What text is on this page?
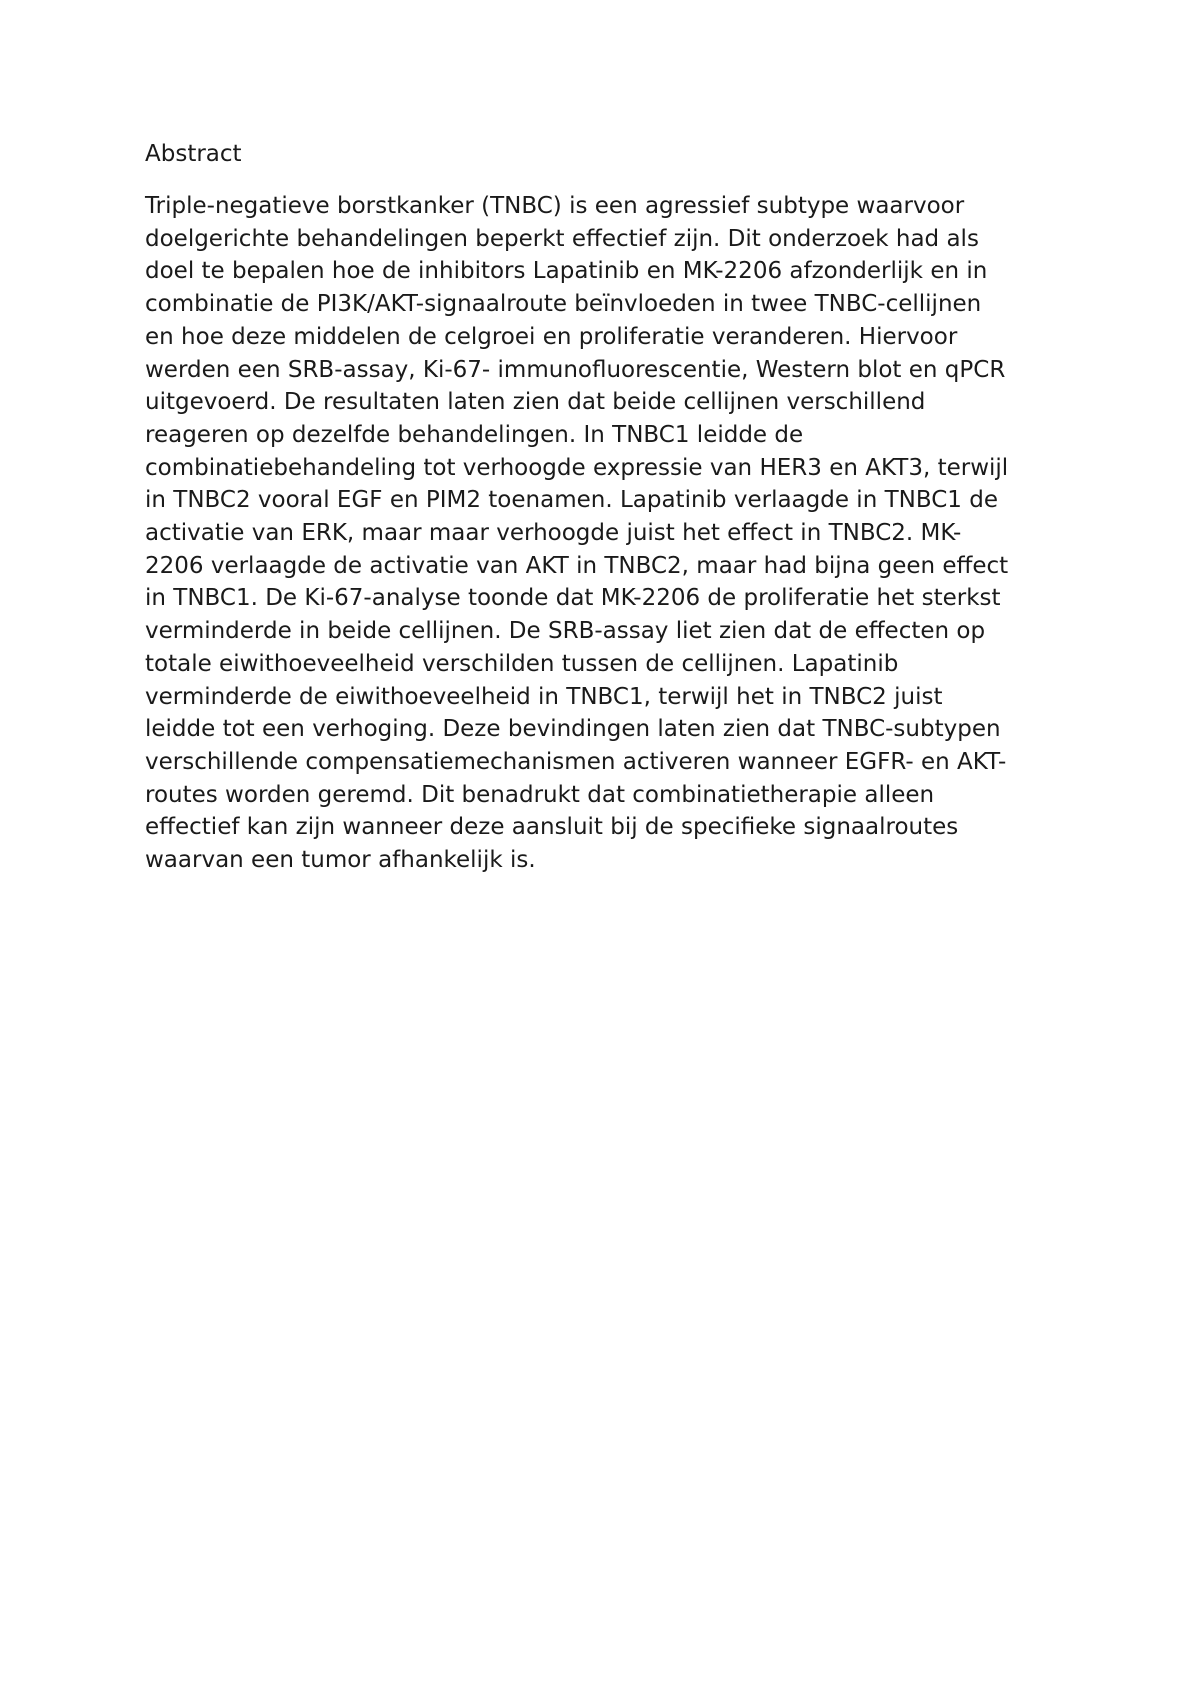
Abstract
Triple-negatieve borstkanker (TNBC) is een agressief subtype waarvoor
doelgerichte behandelingen beperkt effectief zijn. Dit onderzoek had als
doel te bepalen hoe de inhibitors Lapatinib en MK-2206 afzonderlijk en in
combinatie de PI3K/AKT-signaalroute beïnvloeden in twee TNBC-cellijnen
en hoe deze middelen de celgroei en proliferatie veranderen. Hiervoor
werden een SRB-assay, Ki-67- immunofluorescentie, Western blot en qPCR
uitgevoerd. De resultaten laten zien dat beide cellijnen verschillend
reageren op dezelfde behandelingen. In TNBC1 leidde de
combinatiebehandeling tot verhoogde expressie van HER3 en AKT3, terwijl
in TNBC2 vooral EGF en PIM2 toenamen. Lapatinib verlaagde in TNBC1 de
activatie van ERK, maar maar verhoogde juist het effect in TNBC2. MK-
2206 verlaagde de activatie van AKT in TNBC2, maar had bijna geen effect
in TNBC1. De Ki-67-analyse toonde dat MK-2206 de proliferatie het sterkst
verminderde in beide cellijnen. De SRB-assay liet zien dat de effecten op
totale eiwithoeveelheid verschilden tussen de cellijnen. Lapatinib
verminderde de eiwithoeveelheid in TNBC1, terwijl het in TNBC2 juist
leidde tot een verhoging. Deze bevindingen laten zien dat TNBC-subtypen
verschillende compensatiemechanismen activeren wanneer EGFR- en AKT-
routes worden geremd. Dit benadrukt dat combinatietherapie alleen
effectief kan zijn wanneer deze aansluit bij de specifieke signaalroutes
waarvan een tumor afhankelijk is.
